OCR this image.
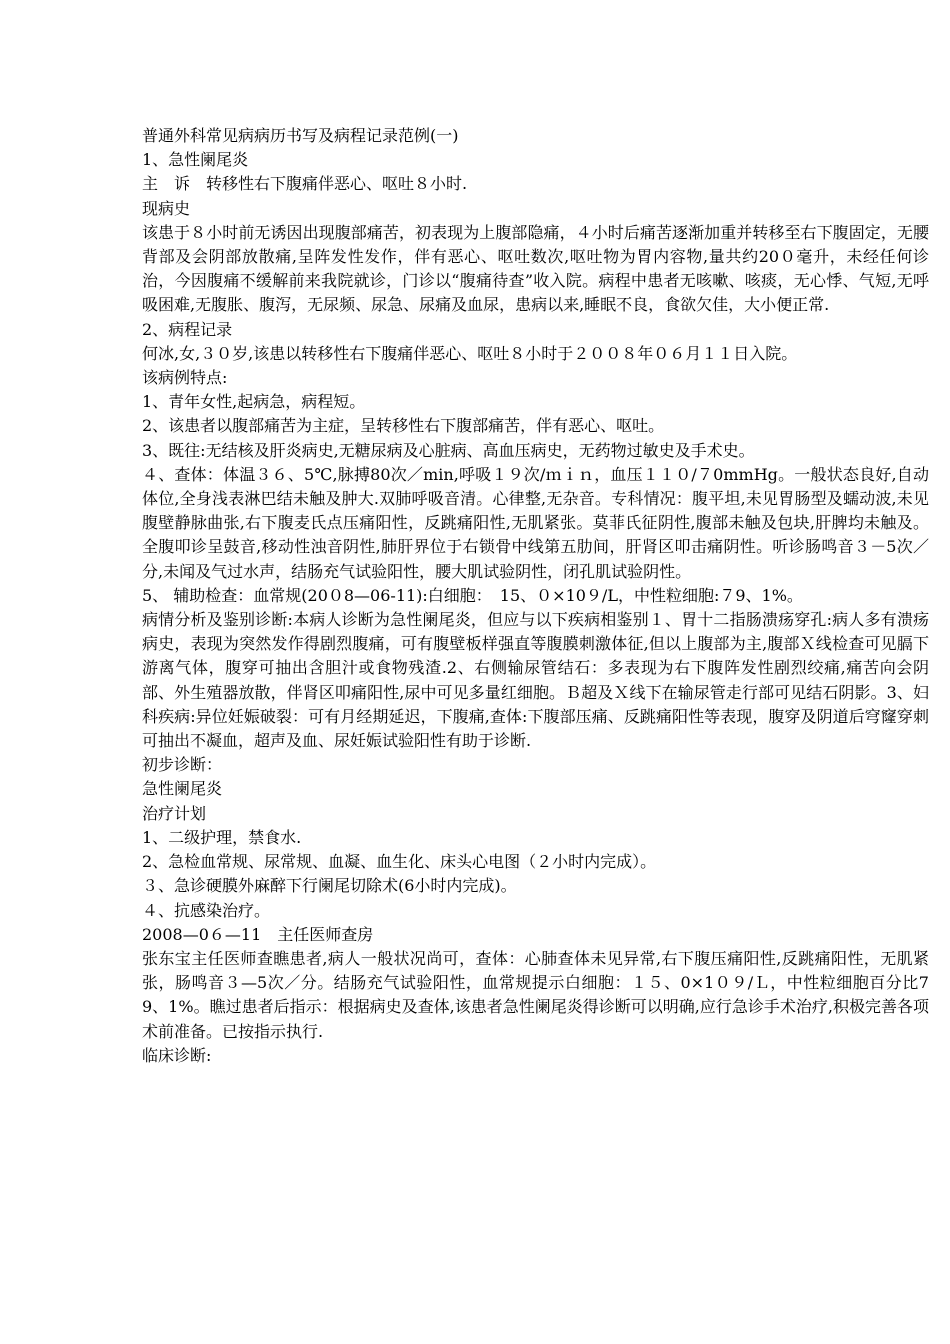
普通外科常见病病历书写及病程记录范例(一)

1、急性阑尾炎

主　诉　转移性右下腹痛伴恶心、呕吐８小时.

现病史

该患于８小时前无诱因出现腹部痛苦，初表现为上腹部隐痛，４小时后痛苦逐渐加重并转移至右下腹固定，无腰背部及会阴部放散痛,呈阵发性发作，伴有恶心、呕吐数次,呕吐物为胃内容物,量共约20０毫升，未经任何诊治，今因腹痛不缓解前来我院就诊，门诊以“腹痛待查”收入院。病程中患者无咳嗽、咳痰，无心悸、气短,无呼吸困难,无腹胀、腹泻，无尿频、尿急、尿痛及血尿，患病以来,睡眠不良，食欲欠佳，大小便正常.

2、病程记录

何冰,女,３０岁,该患以转移性右下腹痛伴恶心、呕吐８小时于２００８年０６月１１日入院。

该病例特点:

1、青年女性,起病急，病程短。

2、该患者以腹部痛苦为主症，呈转移性右下腹部痛苦，伴有恶心、呕吐。

3、既往:无结核及肝炎病史,无糖尿病及心脏病、高血压病史，无药物过敏史及手术史。

４、查体：体温３６、5℃,脉搏80次／min,呼吸１９次/ｍｉｎ，血压１１０/７0mmHg。一般状态良好,自动体位,全身浅表淋巴结未触及肿大.双肺呼吸音清。心律整,无杂音。专科情况：腹平坦,未见胃肠型及蠕动波,未见腹壁静脉曲张,右下腹麦氏点压痛阳性，反跳痛阳性,无肌紧张。莫菲氏征阴性,腹部未触及包块,肝脾均未触及。全腹叩诊呈鼓音,移动性浊音阴性,肺肝界位于右锁骨中线第五肋间，肝肾区叩击痛阴性。听诊肠鸣音３－5次／分,未闻及气过水声，结肠充气试验阳性，腰大肌试验阴性，闭孔肌试验阴性。

5、 辅助检查：血常规(20０8—06-11):白细胞：　15、０×10９/L，中性粒细胞:７9、1%。

病情分析及鉴别诊断:本病人诊断为急性阑尾炎，但应与以下疾病相鉴别１、胃十二指肠溃疡穿孔:病人多有溃疡病史，表现为突然发作得剧烈腹痛，可有腹壁板样强直等腹膜刺激体征,但以上腹部为主,腹部Ｘ线检查可见膈下游离气体，腹穿可抽出含胆汁或食物残渣.2、右侧输尿管结石：多表现为右下腹阵发性剧烈绞痛,痛苦向会阴部、外生殖器放散，伴肾区叩痛阳性,尿中可见多量红细胞。Ｂ超及Ｘ线下在输尿管走行部可见结石阴影。3、妇科疾病:异位妊娠破裂：可有月经期延迟，下腹痛,查体:下腹部压痛、反跳痛阳性等表现，腹穿及阴道后穹窿穿刺可抽出不凝血，超声及血、尿妊娠试验阳性有助于诊断.

初步诊断：

急性阑尾炎

治疗计划

1、二级护理，禁食水.

2、急检血常规、尿常规、血凝、血生化、床头心电图（２小时内完成）。

３、急诊硬膜外麻醉下行阑尾切除术(6小时内完成)。

４、抗感染治疗。

2008—0６—11　主任医师查房

张东宝主任医师查瞧患者,病人一般状况尚可，查体：心肺查体未见异常,右下腹压痛阳性,反跳痛阳性，无肌紧张，肠鸣音３—5次／分。结肠充气试验阳性，血常规提示白细胞：１５、0×1０９/Ｌ，中性粒细胞百分比79、1%。瞧过患者后指示：根据病史及查体,该患者急性阑尾炎得诊断可以明确,应行急诊手术治疗,积极完善各项术前准备。已按指示执行.

临床诊断:
